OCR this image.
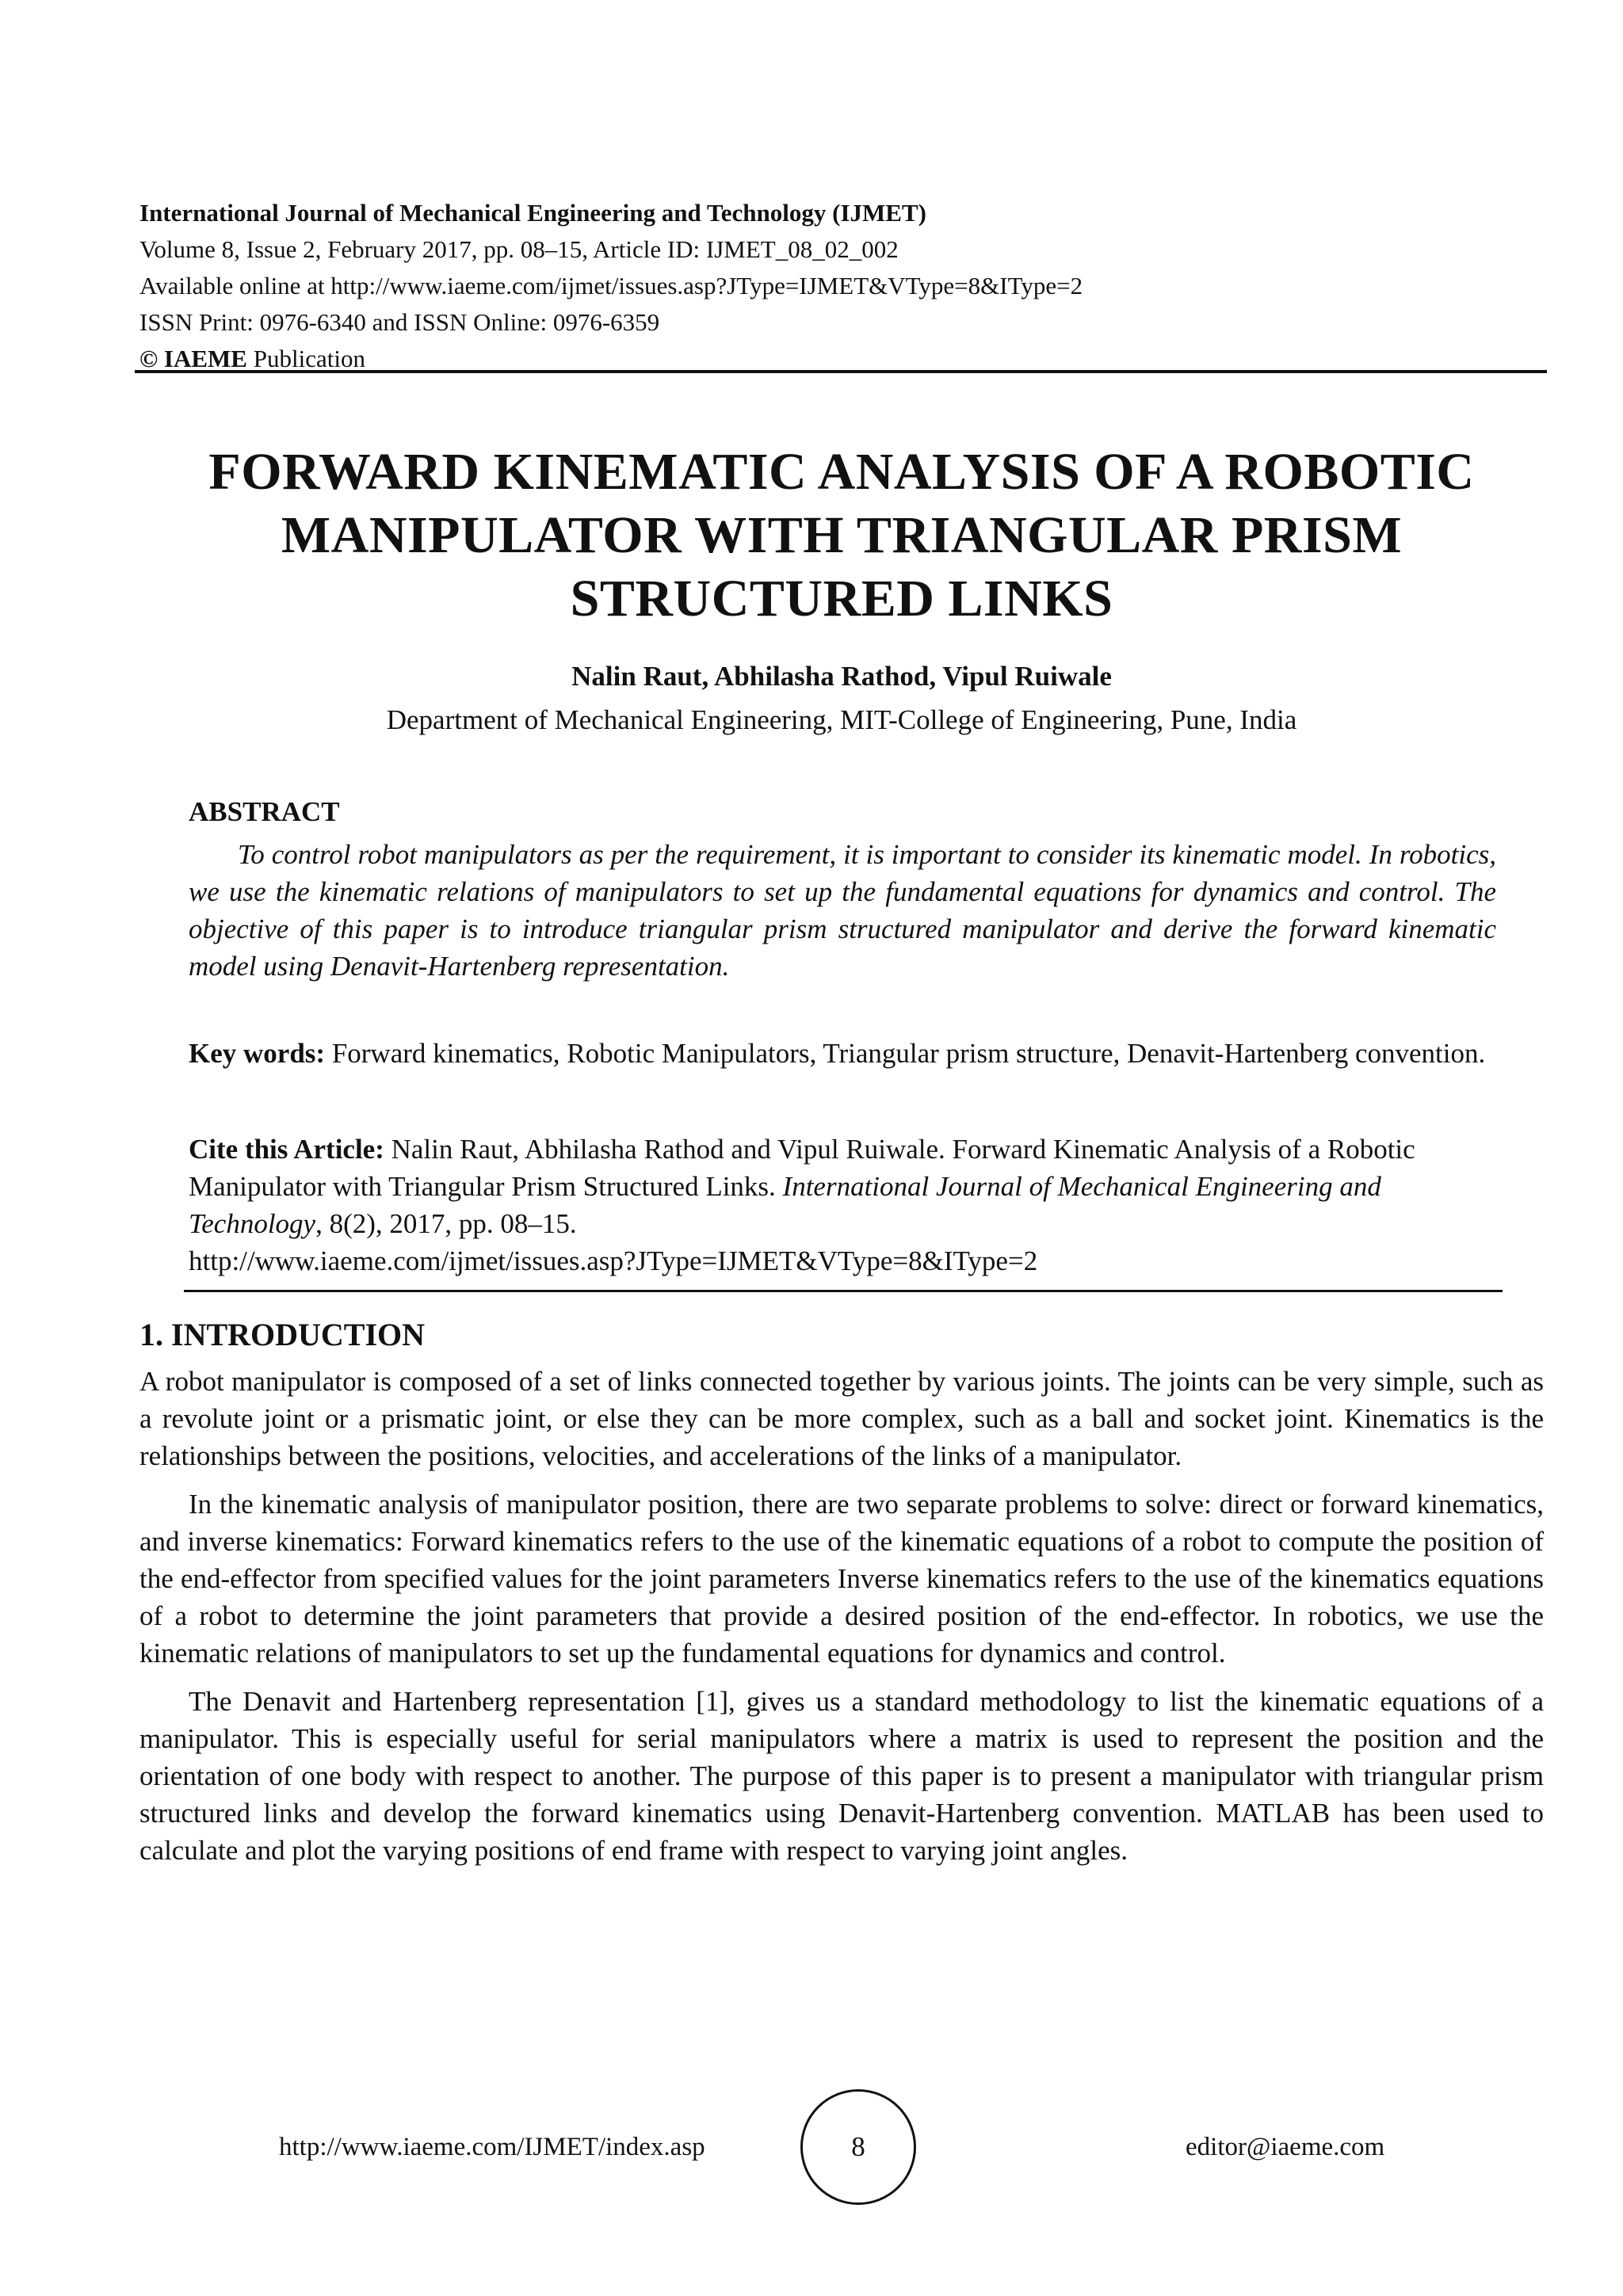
International Journal of Mechanical Engineering and Technology (IJMET)
Volume 8, Issue 2, February 2017, pp. 08–15, Article ID: IJMET_08_02_002
Available online at http://www.iaeme.com/ijmet/issues.asp?JType=IJMET&VType=8&IType=2
ISSN Print: 0976-6340 and ISSN Online: 0976-6359
© IAEME Publication
FORWARD KINEMATIC ANALYSIS OF A ROBOTIC
MANIPULATOR WITH TRIANGULAR PRISM
STRUCTURED LINKS
Nalin Raut, Abhilasha Rathod, Vipul Ruiwale
Department of Mechanical Engineering, MIT-College of Engineering, Pune, India
ABSTRACT

To control robot manipulators as per the requirement, it is important to consider its kinematic model. In robotics, we use the kinematic relations of manipulators to set up the fundamental equations for dynamics and control. The objective of this paper is to introduce triangular prism structured manipulator and derive the forward kinematic model using Denavit-Hartenberg representation.

Key words: Forward kinematics, Robotic Manipulators, Triangular prism structure, Denavit-Hartenberg convention.

Cite this Article: Nalin Raut, Abhilasha Rathod and Vipul Ruiwale. Forward Kinematic Analysis of a Robotic Manipulator with Triangular Prism Structured Links. International Journal of Mechanical Engineering and Technology, 8(2), 2017, pp. 08–15.
http://www.iaeme.com/ijmet/issues.asp?JType=IJMET&VType=8&IType=2

1. INTRODUCTION

A robot manipulator is composed of a set of links connected together by various joints. The joints can be very simple, such as a revolute joint or a prismatic joint, or else they can be more complex, such as a ball and socket joint. Kinematics is the relationships between the positions, velocities, and accelerations of the links of a manipulator.

In the kinematic analysis of manipulator position, there are two separate problems to solve: direct or forward kinematics, and inverse kinematics: Forward kinematics refers to the use of the kinematic equations of a robot to compute the position of the end-effector from specified values for the joint parameters Inverse kinematics refers to the use of the kinematics equations of a robot to determine the joint parameters that provide a desired position of the end-effector. In robotics, we use the kinematic relations of manipulators to set up the fundamental equations for dynamics and control.

The Denavit and Hartenberg representation [1], gives us a standard methodology to list the kinematic equations of a manipulator. This is especially useful for serial manipulators where a matrix is used to represent the position and the orientation of one body with respect to another. The purpose of this paper is to present a manipulator with triangular prism structured links and develop the forward kinematics using Denavit-Hartenberg convention. MATLAB has been used to calculate and plot the varying positions of end frame with respect to varying joint angles.

http://www.iaeme.com/IJMET/index.asp	8	editor@iaeme.com
